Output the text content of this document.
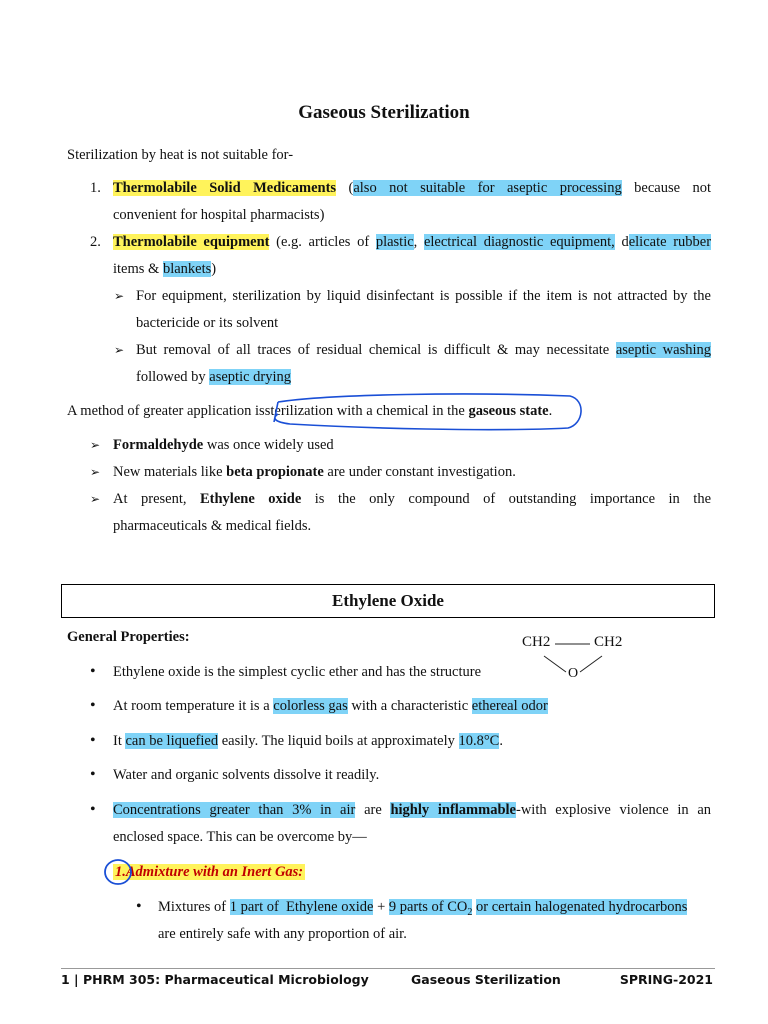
Gaseous Sterilization
Sterilization by heat is not suitable for-
1. Thermolabile Solid Medicaments (also not suitable for aseptic processing because not
convenient for hospital pharmacists)
2. Thermolabile equipment (e.g. articles of plastic, electrical diagnostic equipment, delicate rubber
items & blankets)
➢ For equipment, sterilization by liquid disinfectant is possible if the item is not attracted by the
bactericide or its solvent
➢ But removal of all traces of residual chemical is difficult & may necessitate aseptic washing
followed by aseptic drying
A method of greater application issterilization with a chemical in the gaseous state.
➢ Formaldehyde was once widely used
➢ New materials like beta propionate are under constant investigation.
➢ At present, Ethylene oxide is the only compound of outstanding importance in the
pharmaceuticals & medical fields.
Ethylene Oxide
General Properties:	CH2	CH2
O
• Ethylene oxide is the simplest cyclic ether and has the structure
• At room temperature it is a colorless gas with a characteristic ethereal odor
• It can be liquefied easily. The liquid boils at approximately 10.8°C.
• Water and organic solvents dissolve it readily.
• Concentrations greater than 3% in air are highly inflammable-with explosive violence in an
enclosed space. This can be overcome by—
1.Admixture with an Inert Gas:
• Mixtures of 1 part of  Ethylene oxide + 9 parts of $CO_2$ or certain halogenated hydrocarbons
are entirely safe with any proportion of air.
1 | PHRM 305: Pharmaceutical Microbiology	Gaseous Sterilization	SPRING-2021
